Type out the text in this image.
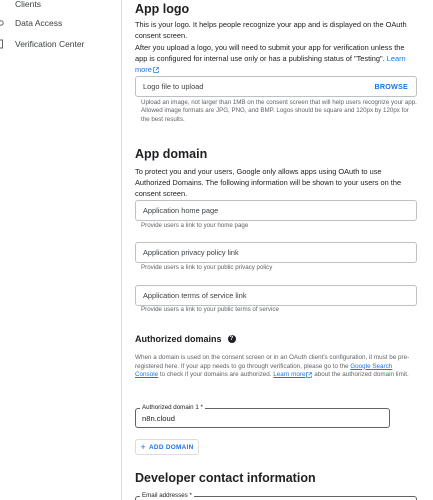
Clients
Data Access
Verification Center
App logo
This is your logo. It helps people recognize your app and is displayed on the OAuth consent screen.
After you upload a logo, you will need to submit your app for verification unless the app is configured for internal use only or has a publishing status of "Testing". Learn more
Logo file to upload	BROWSE
Upload an image, not larger than 1MB on the consent screen that will help users recognize your app. Allowed image formats are JPG, PNG, and BMP. Logos should be square and 120px by 120px for the best results.
App domain
To protect you and your users, Google only allows apps using OAuth to use Authorized Domains. The following information will be shown to your users on the consent screen.
Application home page
Provide users a link to your home page
Application privacy policy link
Provide users a link to your public privacy policy
Application terms of service link
Provide users a link to your public terms of service
Authorized domains	?
When a domain is used on the consent screen or in an OAuth client's configuration, it must be pre-registered here. If your app needs to go through verification, please go to the Google Search Console to check if your domains are authorized. Learn more about the authorized domain limit.
Authorized domain 1 *
n8n.cloud
+ ADD DOMAIN
Developer contact information
Email addresses *
